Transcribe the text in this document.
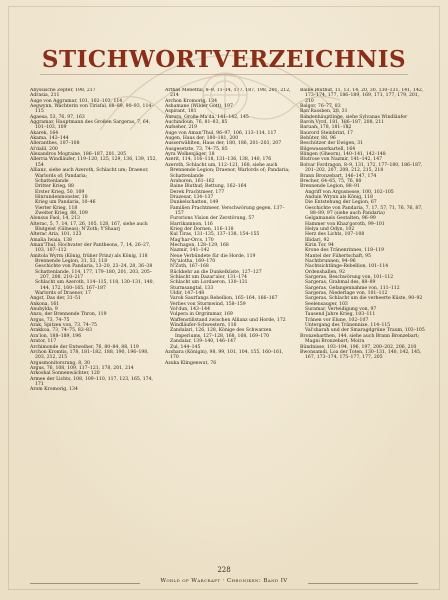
STICHWORTVERZEICHNIS
Abyssische Zepter, 198, 217
Adrasia, 211
Auge von Aggramar, 101, 102–103, 114
Aegwynn, Wächterin von Tirisfal, 88–89, 90–93, 114–115
Agaesa, 53, 76, 97, 163
Aggramar, Hauptmann des Großen Sargeras, 7, 64, 101–103, 109
Akarek, 164
Akama, 143–144
Alleranthes, 107–108
Al'dalil, 200
Alexandros Mograine, 186–187, 201, 205
Allerria Windläufer, 119–120, 125, 129, 136, 139, 152, 154
Allianz, siehe auch Azeroth, Schlacht um; Draenor, Warlords of; Pandaria;
Schattenlande
Dritter Krieg, 88
Erster Krieg, 50, 109
Hinrundenmonster, 18
Krieg um Pandaria, 10–46
Vierter Krieg, 118
Zweiter Krieg, 88, 109
Alonsus Faol, 14, 213
Alterac, 5, 7, 14, 17, 26, 105, 128, 167, siehe auch Blutgeist (Gilneas); N'Zoth; Y'Shaarj
Alterac Aria, 101, 123
Amalia Iwaia, 138
Aman'Thul, Hochvater der Pantheons, 7, 14, 26–27, 103, 107–112
Amitola Wyrm (König, früher Prinz) als König, 118
Brennende Legion, 31, 53, 118
Geschichte von Pandaria, 13–20, 23–24, 28, 36–38
Schattenlande, 114, 177, 179–180, 201, 203, 205–207, 208, 210–217
Schlacht um Azeroth, 114–115, 118, 130–131, 140, 144, 172, 160–165, 167–187
Warlords of Draenor, 17
Angst, Das der, 31–51
Ankona, 161
Anubylda, 9
Anzu, der Brennende Thron, 119
Argus, 73, 74–75
Arak, Spitzen von, 73, 74–75
Arakkoa, 73, 74–75, 82–83
Ara'lon, 188–189, 196
Arator, 117
Archimonde der Entweiher, 76, 80–84, 88, 119
Archon Kromtis, 178, 181–182, 188, 190, 196–198, 203, 212, 215
Argusmonitorsrang, 8, 30
Argus, 76, 108, 109, 117–121, 178, 201, 214
Arkoshal Sonnenwächter, 120
Armee der Lichts, 108, 109–110, 117, 123, 165, 174, 171
Arom Kromorig, 134
Arthas Menethil, 8–9, 11–14, 177, 187, 198, 201, 212, 214
Archon Kromorig, 134
Ashamane (Wilder Gott), 197
Aspirant, 181
Aurora, Große Ma'da, 141–142, 145
Auchindoun, 76, 81–83, 85
Aufseher, 219
Auge von Aman'Thul, 96–97, 106, 113–114, 117
Augen, Haus der, 180–181, 200
Ausserwählten, Haus der, 180, 186, 201–203, 207
Ausgesetzte, 73, 74–75, 85
Ayra Wolkenjäger, 18
Azerit, 114, 116–118, 131–136, 138, 140, 176
Azeroth, Schlacht um, 112–121, 168, siehe auch Brennende Legion; Draenor, Warlords of; Pandaria; Schattenlande
Arahoren, 161–162
Baine Bluthuf; Rettung, 162–164
Derek Prachtmeer, 177
Drazesar, 134–137
Dunkelschatten, 149
Familien Prachtmeer, Verschwörung gegen, 137–157
Furorions Vision der Zerstörung, 57
Harrikamnon, 116
Krieg der Dornen, 116–118
Kul Tiras, 131–135, 137–138, 154–155
Mag'har-Orcs, 170
Mechagon, 128–129, 168
Nazmir, 141–142
Neue Verbündete für die Horde, 119
Ny'alotha, 169–170
N'Zoth, 167–168
Rückkehr an die Dunkelküste, 127–127
Schlacht um Dazar'alor, 131–174
Schlacht um Lordaeron, 130–131
Sturmsangtal, 133
Uldir, 147–148
Varok Saurfangs Rebellion, 165–164, 166–167
Verlies von Sturmwind, 158–159
Vol'dun, 143–144
Vulpera in Orgrimmar, 169
Waffenstillstand zwischen Allianz und Horde, 172
Windläufer-Schwestern, 116
Zandalari, 126, 128, Könige des Schwarzen Imperiums, 127–128, 168, 168, 169–170
Zandalar, 139–140, 146–147
Zul, 144–145
Azshara (Königin), 98, 99, 101, 104, 155, 160–161, 170
Azuka Klingenwut, 76
Baine Bluthuf, 11, 13, 14, 20, 30, 130–131, 141, 142, 173–174, 177, 186–189, 169, 171, 177, 179, 201, 210
Balgor, 76–77, 83
Ban'Rassben, 28, 31
Bandenhäuptlinge, siehe Sylvanas Windläufer
Baron Vyrd, 181, 186–187, 208, 211
Baruan, 178, 181–182
Baurord Steinbrint, 17
Behüter, 88, 96
Beschützer der Ewigen, 31
Bilgewasserkartell, 164
Blingen (Gheorn), 140–141, 142–148
Blutrose von Nazmir, 141–142, 147
Bolvar Fordragon, 8–9, 131, 172, 177–180, 186–187, 201–202, 207, 208, 212, 215, 218
Brann Bronzebart, 146–147, 174
Brecher, 64–65, 75, 76, 80
Brennende Legion, 88–91
Angriff von Argusnesse, 100, 102–105
Anduin Wrynn als König, 118
Die Entstehung der Legion, 67
Geschichte von Pandaria, 7, 17, 57, 71, 76, 76, 87, 88–89, 97 (siehe auch Pandaria)
Gelgamanels Gestalten, 96–99
Hammer von Khaz'goroth, 99–101
Helya und Odyn, 102
Herz des Lichts, 107–108
Illidari, 92
Kirin Tor, 94
Krone des Tränenrinnes, 118–119
Mantel der Fiihertschaft, 95
Nachtbrunnen, 94–96
Nachtsichtlinge-Rebellion, 101–114
Ordenshallen, 92
Sargeras, Beschwörung von, 101–112
Sargeras, Grabmal des, 88–89
Sargeras, Gefangennahme von, 111–112
Sargeras, Niederlage von, 101–112
Sargeras, Schlacht um die verheerte Küste, 90–92
Seelensauger, 103
Suramar, Verteidigung von, 97
Tausend Jahre Krieg, 103–111
Tränen vor Elune, 102–107
Untergang des Tränennixe, 114–115
Val'sharah und der Smaragdgrüne Traum, 103–105
Bronzebarthen, 144, siehe auch Brann Bronzebart; Magni Bronzebart; Moira
Bündnisse, 193–194, 196, 197, 200–202, 206, 210
Bwonsamdi, Loa der Toten, 130–131, 140, 142, 145, 167, 173–174, 175–177, 177, 205
228
World of Warcraft · Chroniken: Band IV
